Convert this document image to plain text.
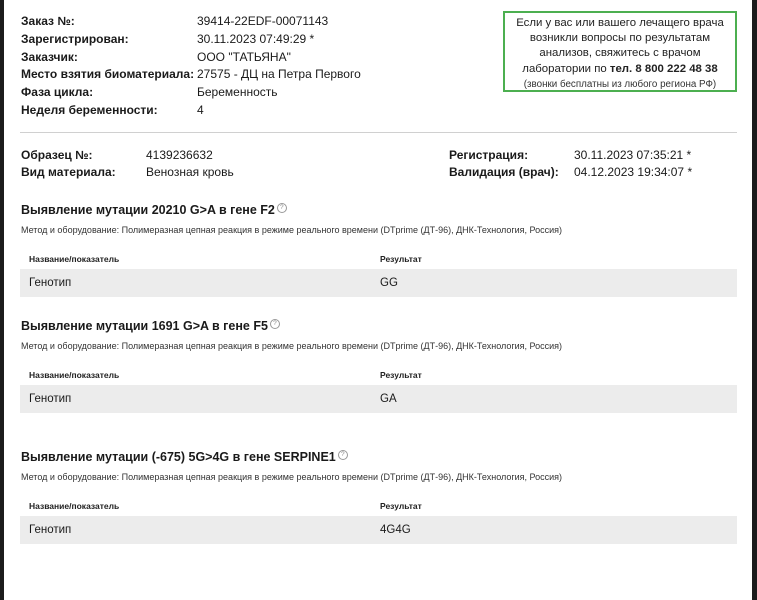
Заказ №:	39414-22EDF-00071143
Зарегистрирован:	30.11.2023 07:49:29 *
Заказчик:	ООО "ТАТЬЯНА"
Место взятия биоматериала: 27575 - ДЦ на Петра Первого
Фаза цикла:	Беременность
Неделя беременности:	4
Если у вас или вашего лечащего врача возникли вопросы по результатам анализов, свяжитесь с врачом лаборатории по тел. 8 800 222 48 38
(звонки бесплатны из любого региона РФ)
Образец №:	4139236632	Регистрация:	30.11.2023 07:35:21 *
Вид материала:	Венозная кровь	Валидация (врач): 04.12.2023 19:34:07 *
Выявление мутации 20210 G>A в гене F2 ?
Метод и оборудование: Полимеразная цепная реакция в режиме реального времени (DTprime (ДТ-96), ДНК-Технология, Россия)
Название/показатель	Результат
Генотип	GG
Выявление мутации 1691 G>A в гене F5 ?
Метод и оборудование: Полимеразная цепная реакция в режиме реального времени (DTprime (ДТ-96), ДНК-Технология, Россия)
Название/показатель	Результат
Генотип	GA
Выявление мутации (-675) 5G>4G в гене SERPINE1 ?
Метод и оборудование: Полимеразная цепная реакция в режиме реального времени (DTprime (ДТ-96), ДНК-Технология, Россия)
Название/показатель	Результат
Генотип	4G4G
